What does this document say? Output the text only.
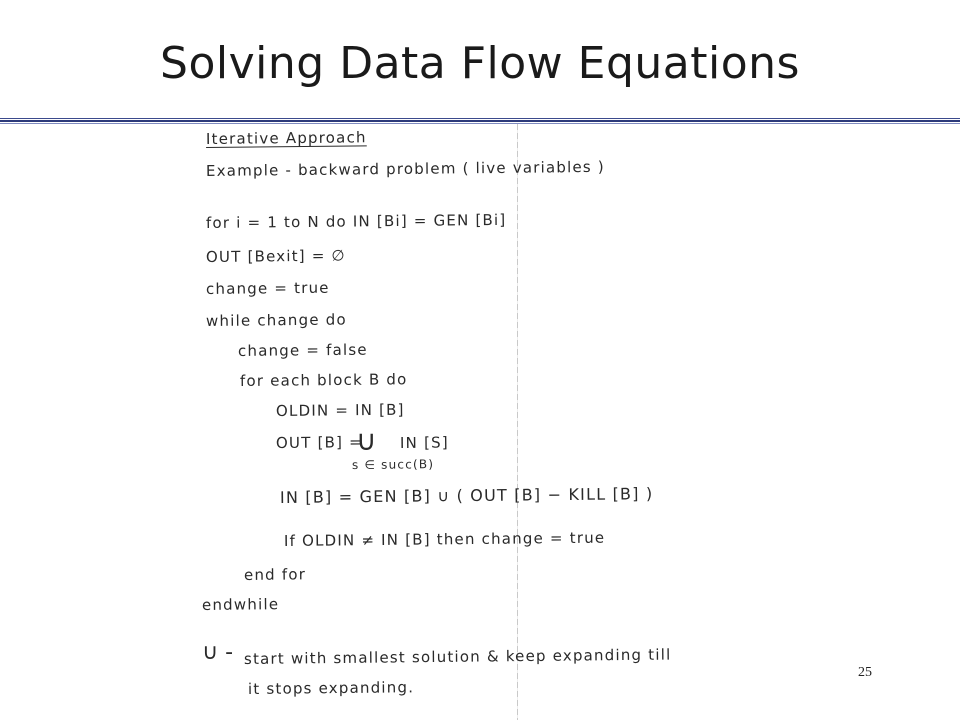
Solving Data Flow Equations
Iterative Approach
Example - backward problem ( live variables )
for i = 1 to N do IN [Bi] = GEN [Bi]
OUT [Bexit] = ∅
change = true
while change do
change = false
for each block B do
OLDIN = IN [B]
OUT [B] =
∪ IN [S]
s ∈ succ(B)
IN [B] = GEN [B] ∪ ( OUT [B] − KILL [B] )
If OLDIN ≠ IN [B] then change = true
end for
endwhile
∪ - start with smallest solution & keep expanding till
it stops expanding.
25
